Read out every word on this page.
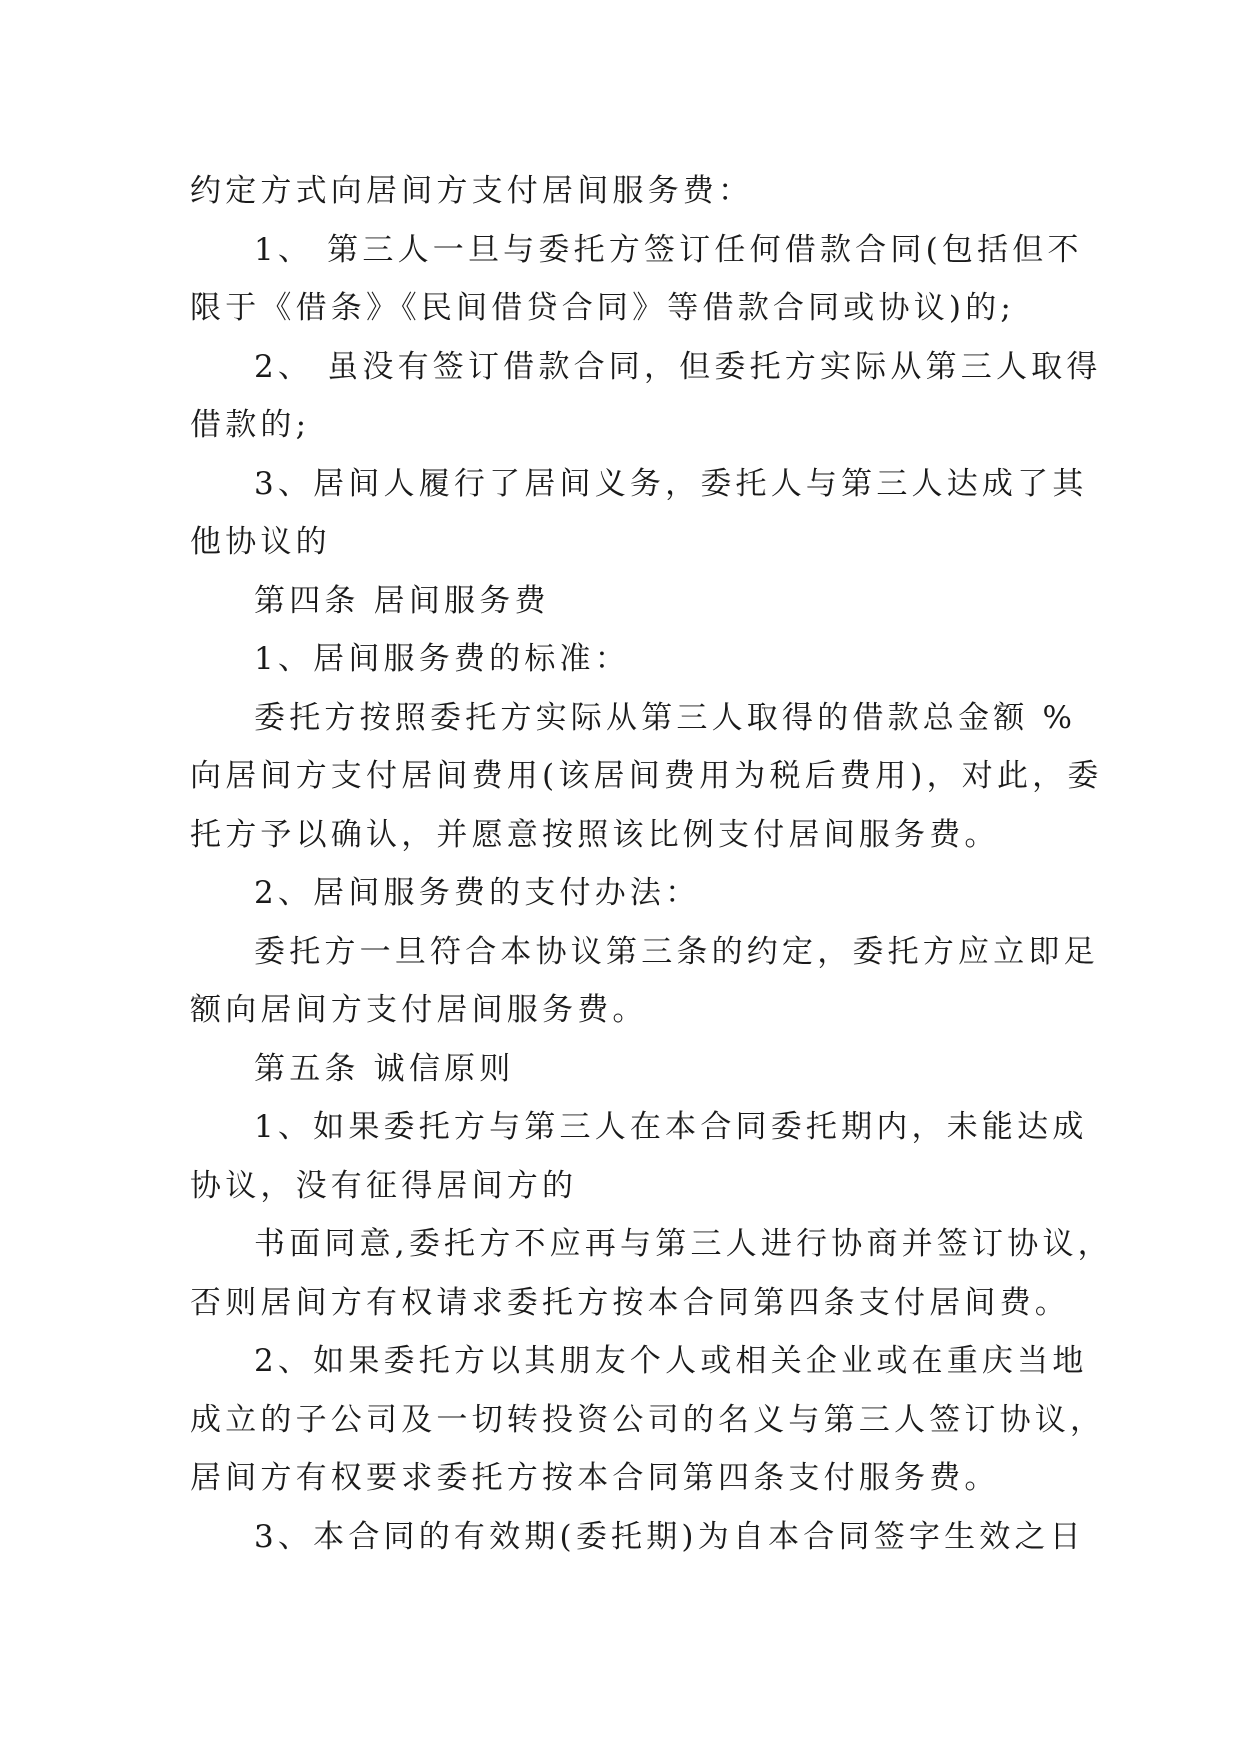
约定方式向居间方支付居间服务费：
1、 第三人一旦与委托方签订任何借款合同(包括但不
限于《借条》《民间借贷合同》等借款合同或协议)的;
2、 虽没有签订借款合同，但委托方实际从第三人取得
借款的;
3、居间人履行了居间义务，委托人与第三人达成了其
他协议的
第四条 居间服务费
1、居间服务费的标准：
委托方按照委托方实际从第三人取得的借款总金额 %
向居间方支付居间费用(该居间费用为税后费用)，对此，委
托方予以确认，并愿意按照该比例支付居间服务费。
2、居间服务费的支付办法：
委托方一旦符合本协议第三条的约定，委托方应立即足
额向居间方支付居间服务费。
第五条 诚信原则
1、如果委托方与第三人在本合同委托期内，未能达成
协议，没有征得居间方的
书面同意,委托方不应再与第三人进行协商并签订协议，
否则居间方有权请求委托方按本合同第四条支付居间费。
2、如果委托方以其朋友个人或相关企业或在重庆当地
成立的子公司及一切转投资公司的名义与第三人签订协议，
居间方有权要求委托方按本合同第四条支付服务费。
3、本合同的有效期(委托期)为自本合同签字生效之日
